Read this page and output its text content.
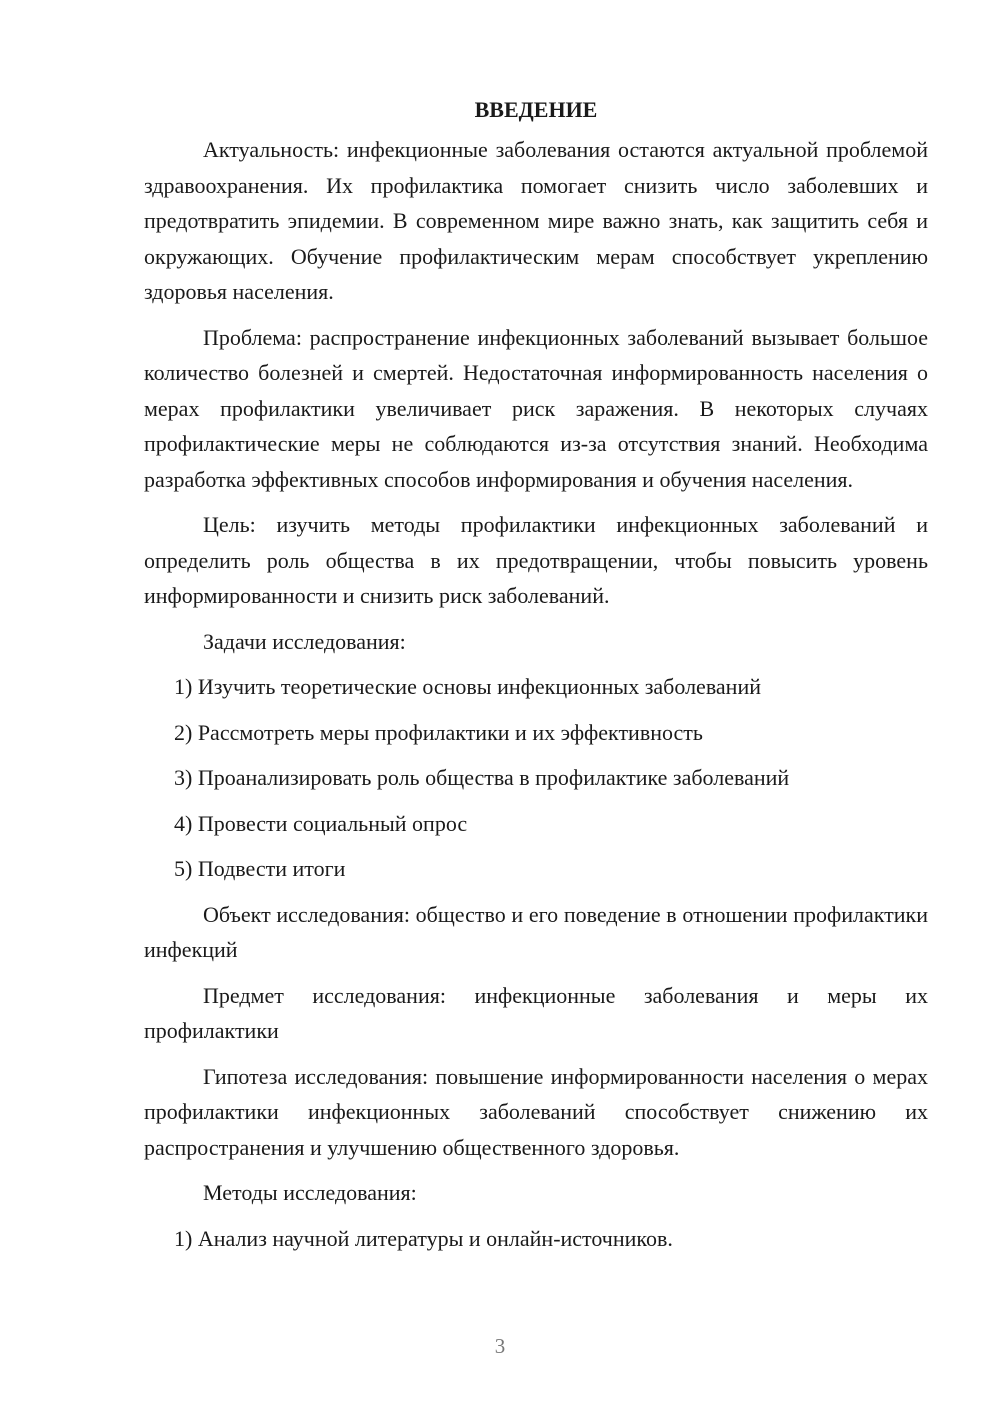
ВВЕДЕНИЕ

Актуальность: инфекционные заболевания остаются актуальной проблемой здравоохранения. Их профилактика помогает снизить число заболевших и предотвратить эпидемии. В современном мире важно знать, как защитить себя и окружающих. Обучение профилактическим мерам способствует укреплению здоровья населения.

Проблема: распространение инфекционных заболеваний вызывает большое количество болезней и смертей. Недостаточная информированность населения о мерах профилактики увеличивает риск заражения. В некоторых случаях профилактические меры не соблюдаются из-за отсутствия знаний. Необходима разработка эффективных способов информирования и обучения населения.

Цель: изучить методы профилактики инфекционных заболеваний и определить роль общества в их предотвращении, чтобы повысить уровень информированности и снизить риск заболеваний.

Задачи исследования:

1) Изучить теоретические основы инфекционных заболеваний
2) Рассмотреть меры профилактики и их эффективность
3) Проанализировать роль общества в профилактике заболеваний
4) Провести социальный опрос
5) Подвести итоги

Объект исследования: общество и его поведение в отношении профилактики инфекций

Предмет исследования: инфекционные заболевания и меры их профилактики

Гипотеза исследования: повышение информированности населения о мерах профилактики инфекционных заболеваний способствует снижению их распространения и улучшению общественного здоровья.

Методы исследования:

1) Анализ научной литературы и онлайн-источников.
3
